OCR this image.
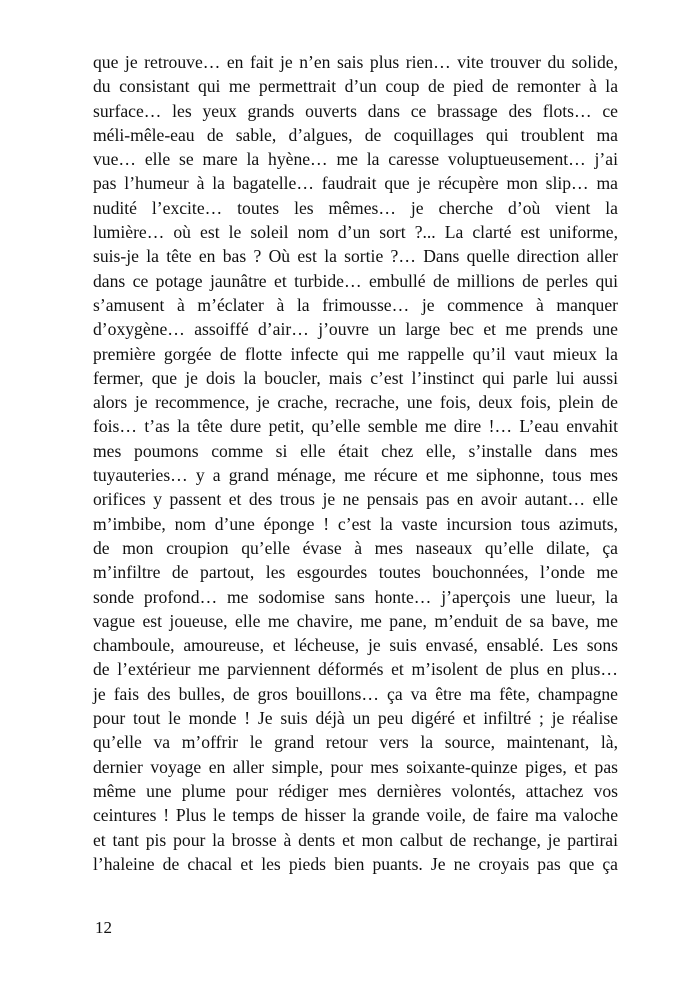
que je retrouve… en fait je n’en sais plus rien… vite trouver du solide,
du consistant qui me permettrait d’un coup de pied de remonter à la
surface… les yeux grands ouverts dans ce brassage des flots… ce
méli-mêle-eau de sable, d’algues, de coquillages qui troublent ma
vue… elle se mare la hyène… me la caresse voluptueusement… j’ai
pas l’humeur à la bagatelle… faudrait que je récupère mon slip… ma
nudité l’excite… toutes les mêmes… je cherche d’où vient la
lumière… où est le soleil nom d’un sort ?... La clarté est uniforme,
suis-je la tête en bas ? Où est la sortie ?… Dans quelle direction aller
dans ce potage jaunâtre et turbide… embullé de millions de perles qui
s’amusent à m’éclater à la frimousse… je commence à manquer
d’oxygène… assoiffé d’air… j’ouvre un large bec et me prends une
première gorgée de flotte infecte qui me rappelle qu’il vaut mieux la
fermer, que je dois la boucler, mais c’est l’instinct qui parle lui aussi
alors je recommence, je crache, recrache, une fois, deux fois, plein de
fois… t’as la tête dure petit, qu’elle semble me dire !… L’eau envahit
mes poumons comme si elle était chez elle, s’installe dans mes
tuyauteries… y a grand ménage, me récure et me siphonne, tous mes
orifices y passent et des trous je ne pensais pas en avoir autant… elle
m’imbibe, nom d’une éponge ! c’est la vaste incursion tous azimuts,
de mon croupion qu’elle évase à mes naseaux qu’elle dilate, ça
m’infiltre de partout, les esgourdes toutes bouchonnées, l’onde me
sonde profond… me sodomise sans honte… j’aperçois une lueur, la
vague est joueuse, elle me chavire, me pane, m’enduit de sa bave, me
chamboule, amoureuse, et lécheuse, je suis envasé, ensablé. Les sons
de l’extérieur me parviennent déformés et m’isolent de plus en plus…
je fais des bulles, de gros bouillons… ça va être ma fête, champagne
pour tout le monde ! Je suis déjà un peu digéré et infiltré ; je réalise
qu’elle va m’offrir le grand retour vers la source, maintenant, là,
dernier voyage en aller simple, pour mes soixante-quinze piges, et pas
même une plume pour rédiger mes dernières volontés, attachez vos
ceintures ! Plus le temps de hisser la grande voile, de faire ma valoche
et tant pis pour la brosse à dents et mon calbut de rechange, je partirai
l’haleine de chacal et les pieds bien puants. Je ne croyais pas que ça
12
